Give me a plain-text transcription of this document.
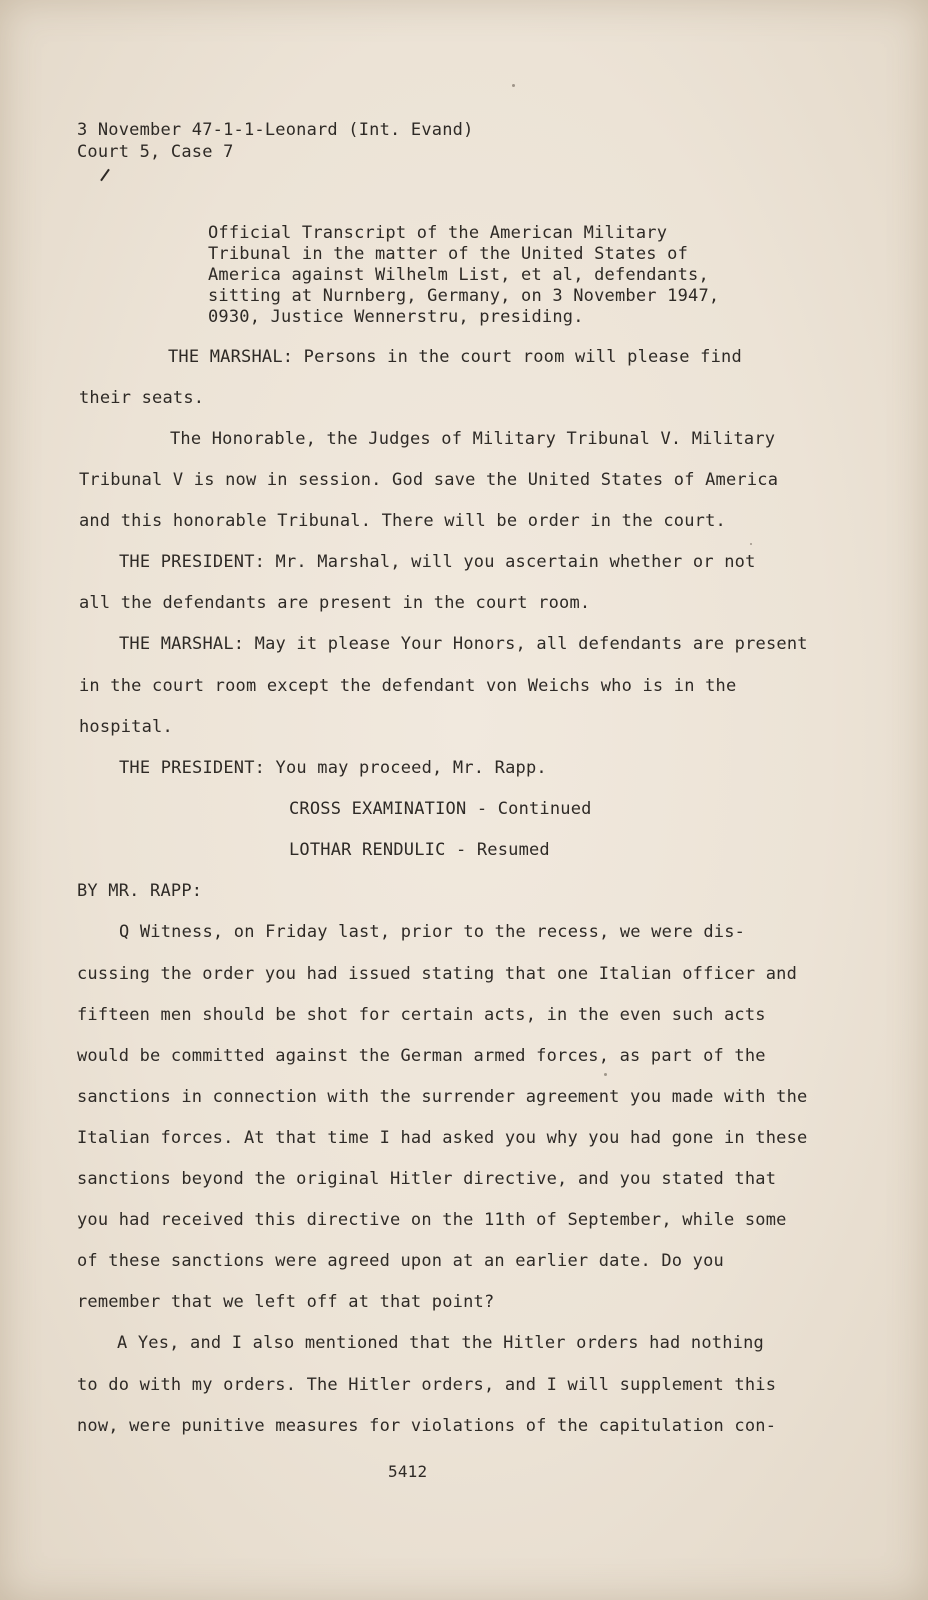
3 November 47-1-1-Leonard (Int. Evand)
Court 5, Case 7
Official Transcript of the American Military
Tribunal in the matter of the United States of
America against Wilhelm List, et al, defendants,
sitting at Nurnberg, Germany, on 3 November 1947,
0930, Justice Wennerstru, presiding.
THE MARSHAL: Persons in the court room will please find
their seats.
The Honorable, the Judges of Military Tribunal V. Military
Tribunal V is now in session. God save the United States of America
and this honorable Tribunal. There will be order in the court.
THE PRESIDENT: Mr. Marshal, will you ascertain whether or not
all the defendants are present in the court room.
THE MARSHAL: May it please Your Honors, all defendants are present
in the court room except the defendant von Weichs who is in the
hospital.
THE PRESIDENT: You may proceed, Mr. Rapp.
CROSS EXAMINATION - Continued
LOTHAR RENDULIC - Resumed
BY MR. RAPP:
Q Witness, on Friday last, prior to the recess, we were dis-
cussing the order you had issued stating that one Italian officer and
fifteen men should be shot for certain acts, in the even such acts
would be committed against the German armed forces, as part of the
sanctions in connection with the surrender agreement you made with the
Italian forces. At that time I had asked you why you had gone in these
sanctions beyond the original Hitler directive, and you stated that
you had received this directive on the 11th of September, while some
of these sanctions were agreed upon at an earlier date. Do you
remember that we left off at that point?
A Yes, and I also mentioned that the Hitler orders had nothing
to do with my orders. The Hitler orders, and I will supplement this
now, were punitive measures for violations of the capitulation con-
5412
